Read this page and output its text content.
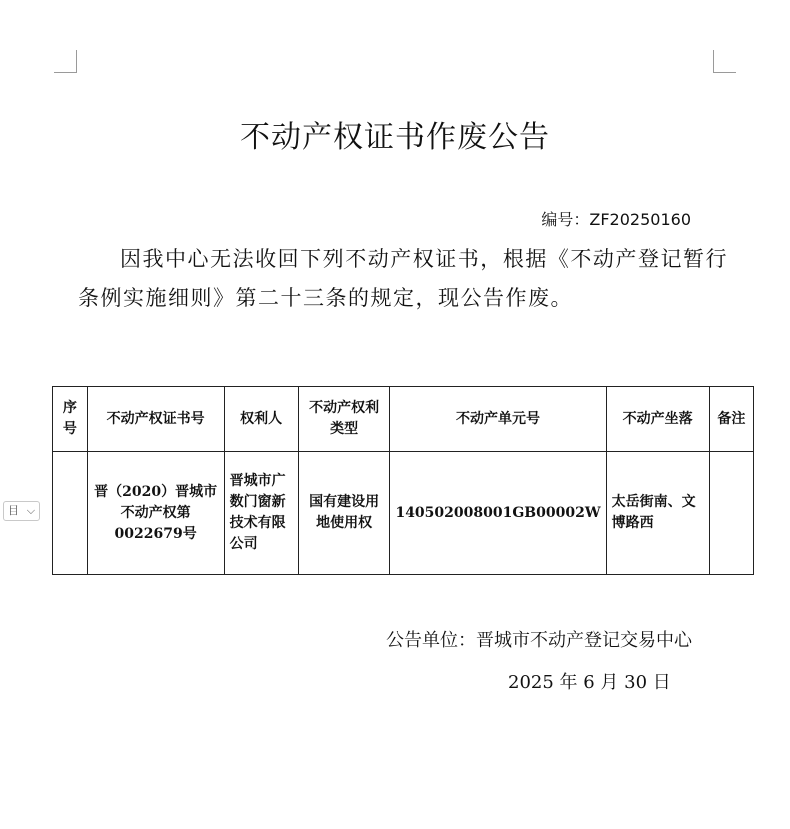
不动产权证书作废公告
编号：ZF20250160
因我中心无法收回下列不动产权证书，根据《不动产登记暂行条例实施细则》第二十三条的规定，现公告作废。
序号	不动产权证书号	权利人	不动产权利类型	不动产单元号	不动产坐落	备注
	晋（2020）晋城市不动产权第0022679号	晋城市广数门窗新技术有限公司	国有建设用地使用权	140502008001GB00002W	太岳街南、文博路西	
目 ⌵
公告单位：晋城市不动产登记交易中心
2025 年 6 月 30 日
